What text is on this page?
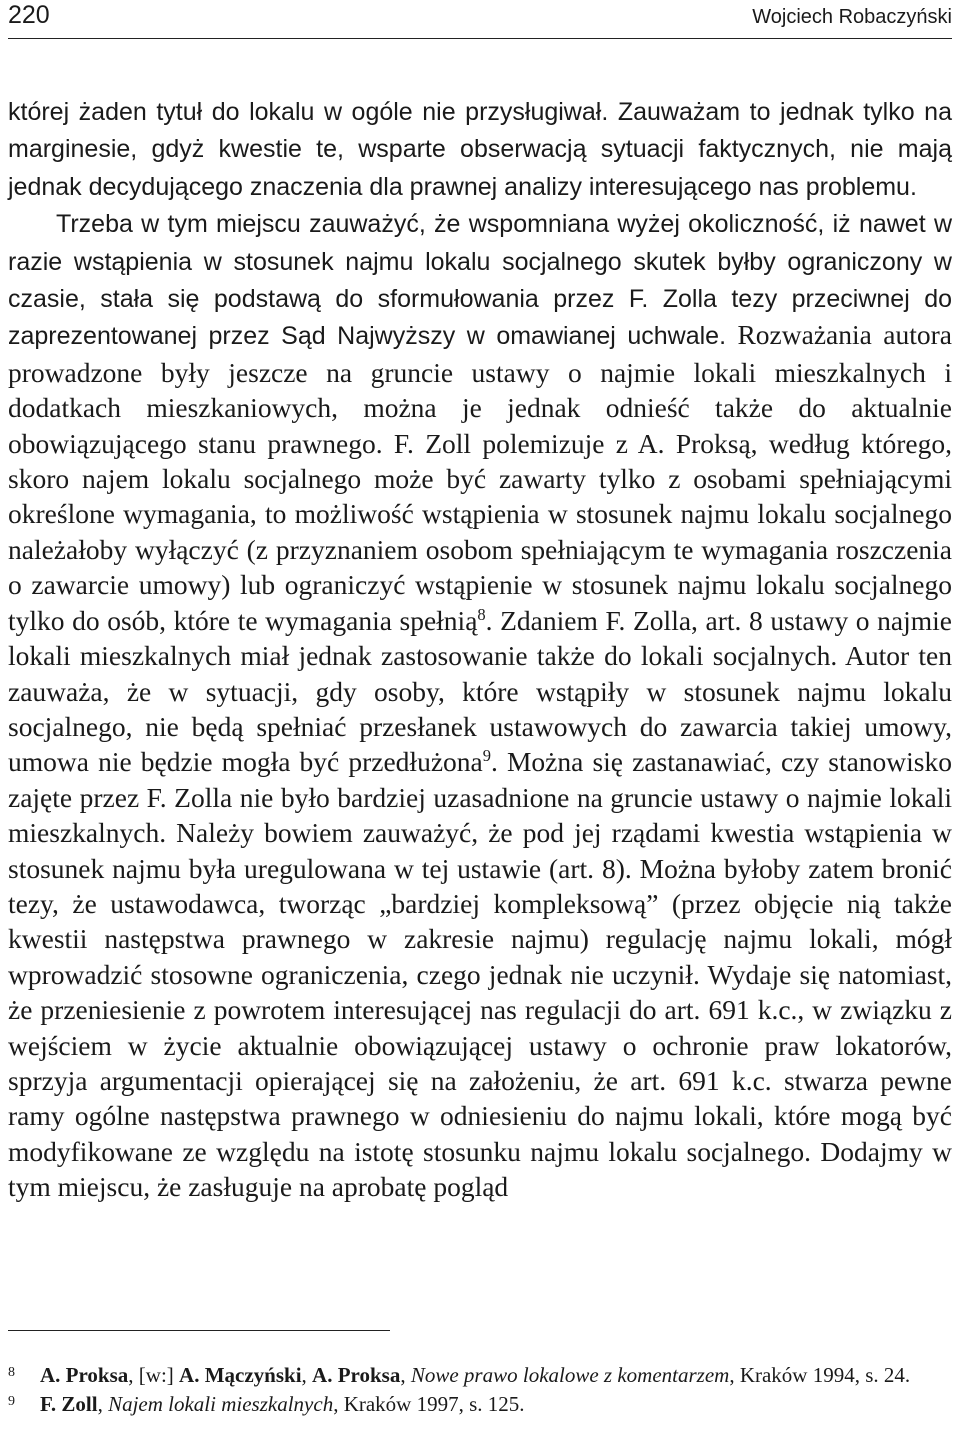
220	Wojciech Robaczyński

której żaden tytuł do lokalu w ogóle nie przysługiwał. Zauważam to jednak tylko na marginesie, gdyż kwestie te, wsparte obserwacją sytuacji faktycznych, nie mają jednak decydującego znaczenia dla prawnej analizy interesującego nas problemu.

Trzeba w tym miejscu zauważyć, że wspomniana wyżej okoliczność, iż nawet w razie wstąpienia w stosunek najmu lokalu socjalnego skutek byłby ograniczony w czasie, stała się podstawą do sformułowania przez F. Zolla tezy przeciwnej do zaprezentowanej przez Sąd Najwyższy w omawianej uchwale. Rozważania autora prowadzone były jeszcze na gruncie ustawy o najmie lokali mieszkalnych i dodatkach mieszkaniowych, można je jednak odnieść także do aktualnie obowiązującego stanu prawnego. F. Zoll polemizuje z A. Proksą, według którego, skoro najem lokalu socjalnego może być zawarty tylko z osobami spełniającymi określone wymagania, to możliwość wstąpienia w stosunek najmu lokalu socjalnego należałoby wyłączyć (z przyznaniem osobom spełniającym te wymagania roszczenia o zawarcie umowy) lub ograniczyć wstąpienie w stosunek najmu lokalu socjalnego tylko do osób, które te wymagania spełnią$^8$. Zdaniem F. Zolla, art. 8 ustawy o najmie lokali mieszkalnych miał jednak zastosowanie także do lokali socjalnych. Autor ten zauważa, że w sytuacji, gdy osoby, które wstąpiły w stosunek najmu lokalu socjalnego, nie będą spełniać przesłanek ustawowych do zawarcia takiej umowy, umowa nie będzie mogła być przedłużona$^9$. Można się zastanawiać, czy stanowisko zajęte przez F. Zolla nie było bardziej uzasadnione na gruncie ustawy o najmie lokali mieszkalnych. Należy bowiem zauważyć, że pod jej rządami kwestia wstąpienia w stosunek najmu była uregulowana w tej ustawie (art. 8). Można byłoby zatem bronić tezy, że ustawodawca, tworząc „bardziej kompleksową” (przez objęcie nią także kwestii następstwa prawnego w zakresie najmu) regulację najmu lokali, mógł wprowadzić stosowne ograniczenia, czego jednak nie uczynił. Wydaje się natomiast, że przeniesienie z powrotem interesującej nas regulacji do art. 691 k.c., w związku z wejściem w życie aktualnie obowiązującej ustawy o ochronie praw lokatorów, sprzyja argumentacji opierającej się na założeniu, że art. 691 k.c. stwarza pewne ramy ogólne następstwa prawnego w odniesieniu do najmu lokali, które mogą być modyfikowane ze względu na istotę stosunku najmu lokalu socjalnego. Dodajmy w tym miejscu, że zasługuje na aprobatę pogląd

8 A. Proksa, [w:] A. Mączyński, A. Proksa, Nowe prawo lokalowe z komentarzem, Kraków 1994, s. 24.
9 F. Zoll, Najem lokali mieszkalnych, Kraków 1997, s. 125.
